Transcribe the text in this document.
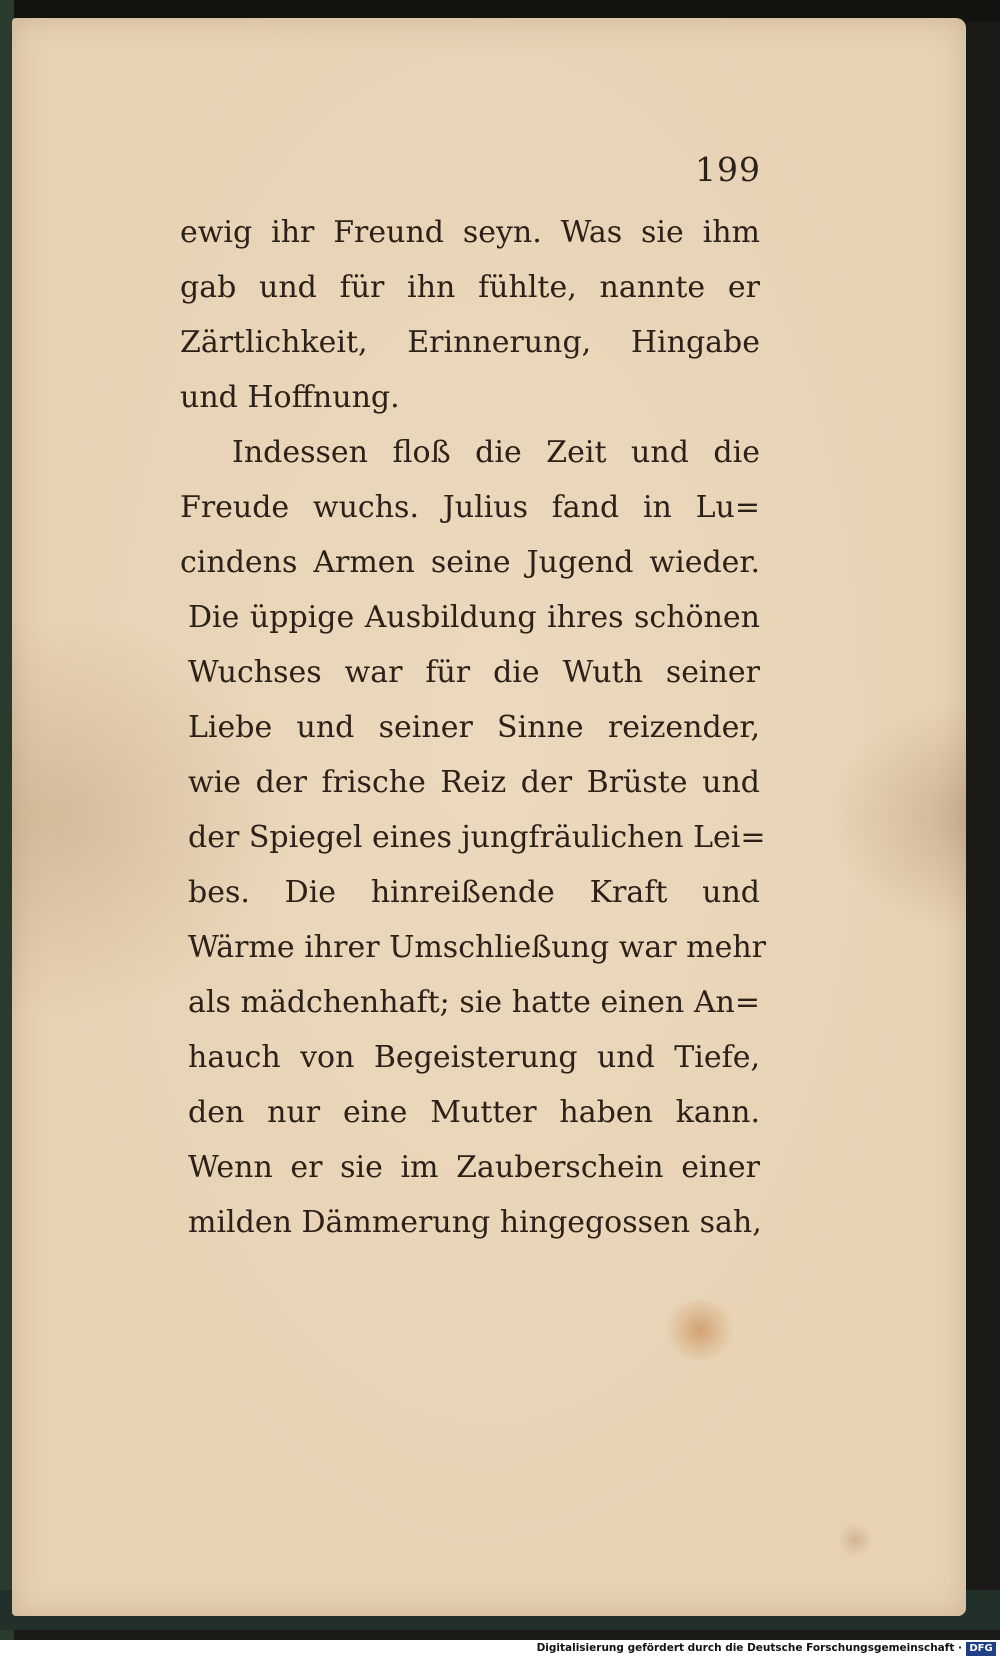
199
ewig ihr Freund seyn. Was sie ihm
gab und für ihn fühlte, nannte er
Zärtlichkeit, Erinnerung, Hingabe
und Hoffnung.
Indessen floß die Zeit und die
Freude wuchs. Julius fand in Lu=
cindens Armen seine Jugend wieder.
Die üppige Ausbildung ihres schönen
Wuchses war für die Wuth seiner
Liebe und seiner Sinne reizender,
wie der frische Reiz der Brüste und
der Spiegel eines jungfräulichen Lei=
bes. Die hinreißende Kraft und
Wärme ihrer Umschließung war mehr
als mädchenhaft; sie hatte einen An=
hauch von Begeisterung und Tiefe,
den nur eine Mutter haben kann.
Wenn er sie im Zauberschein einer
milden Dämmerung hingegossen sah,
Digitalisierung gefördert durch die Deutsche Forschungsgemeinschaft · DFG
